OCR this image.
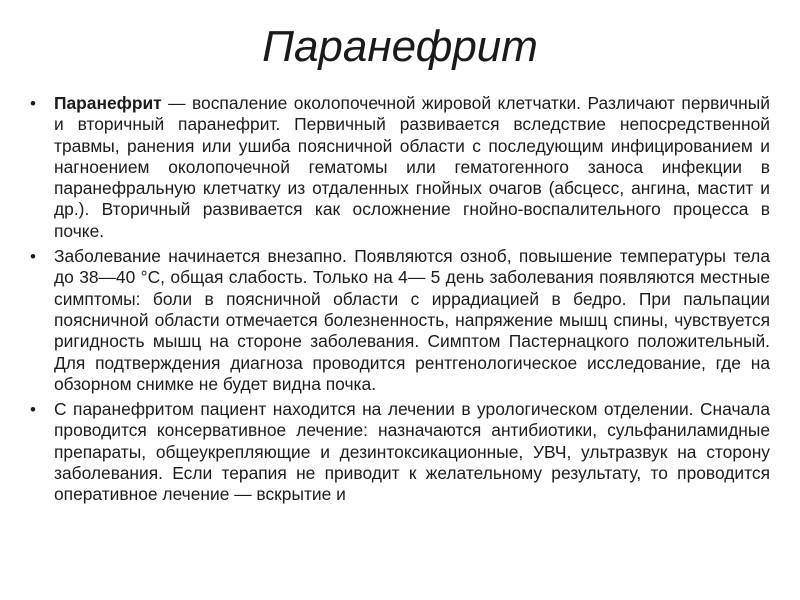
Паранефрит
• Паранефрит — воспаление околопочечной жировой клетчатки. Различают первичный и вторичный паранефрит. Первичный развивается вследствие непосредственной травмы, ранения или ушиба поясничной области с последующим инфицированием и нагноением околопочечной гематомы или гематогенного заноса инфекции в паранефральную клетчатку из отдаленных гнойных очагов (абсцесс, ангина, мастит и др.). Вторичный развивается как осложнение гнойно-воспалительного процесса в почке.
• Заболевание начинается внезапно. Появляются озноб, повышение температуры тела до 38—40 °С, общая слабость. Только на 4— 5 день заболевания появляются местные симптомы: боли в поясничной области с иррадиацией в бедро. При пальпации поясничной области отмечается болезненность, напряжение мышц спины, чувствуется ригидность мышц на стороне заболевания. Симптом Пастернацкого положительный. Для подтверждения диагноза проводится рентгенологическое исследование, где на обзорном снимке не будет видна почка.
• С паранефритом пациент находится на лечении в урологическом отделении. Сначала проводится консервативное лечение: назначаются антибиотики, сульфаниламидные препараты, общеукрепляющие и дезинтоксикационные, УВЧ, ультразвук на сторону заболевания. Если терапия не приводит к желательному результату, то проводится оперативное лечение — вскрытие и
